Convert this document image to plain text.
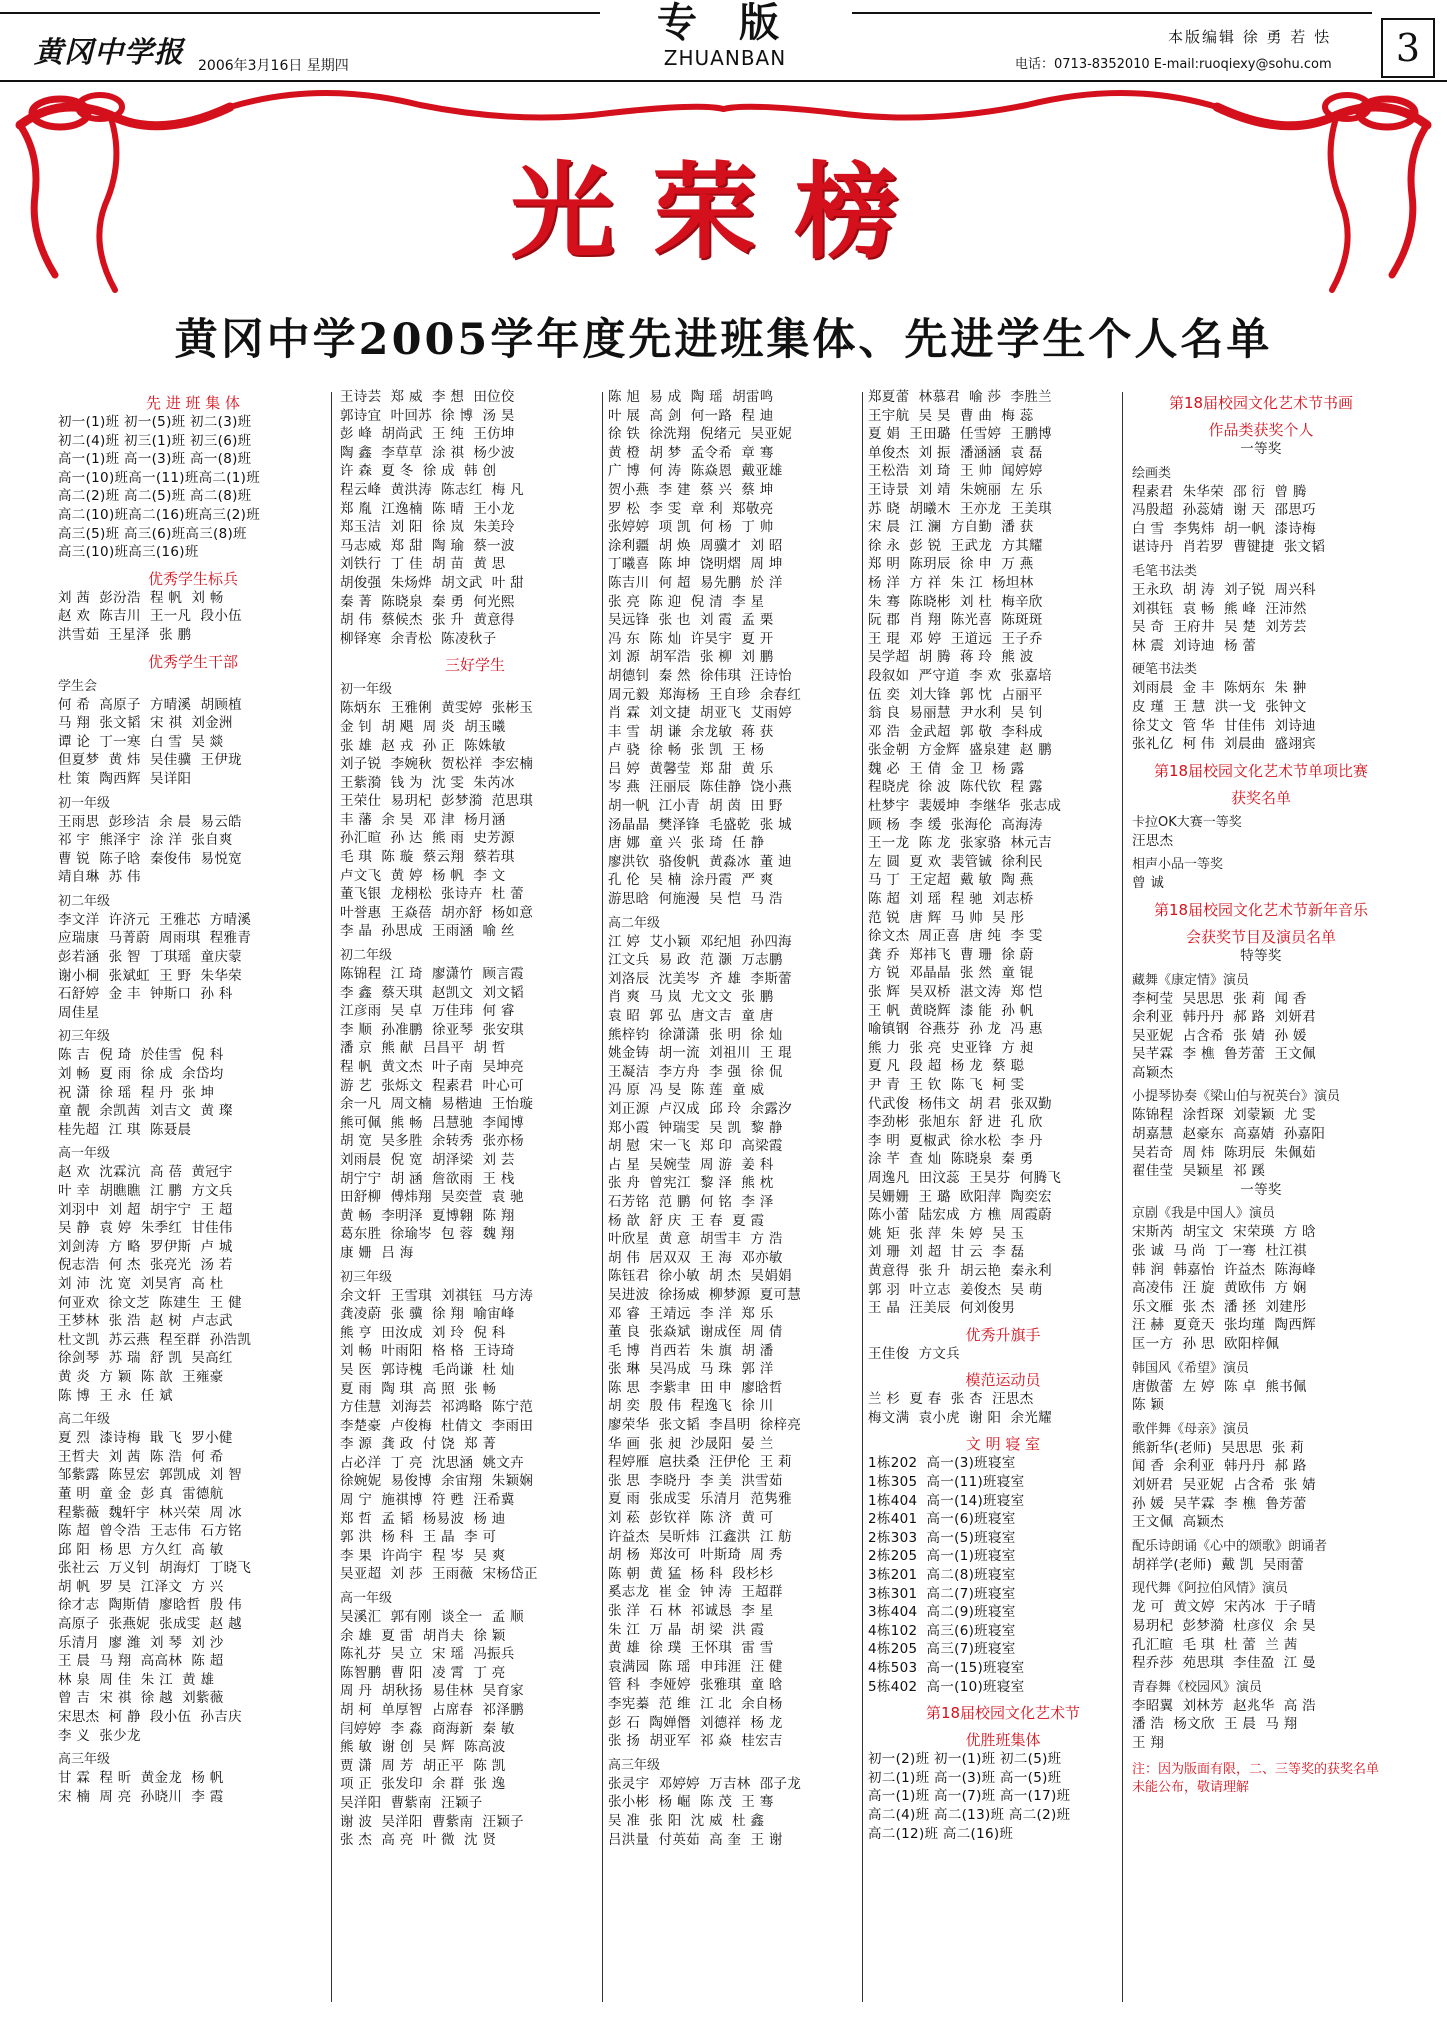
黄冈中学报 2006年3月16日 星期四
专 版
ZHUANBAN
本版编辑 徐 勇 若 怯
电话：0713-8352010 E-mail:ruoqiexy@sohu.com	3
光荣榜
黄冈中学2005学年度先进班集体、先进学生个人名单
先 进 班 集 体
初一(1)班 初一(5)班 初二(3)班
初二(4)班 初三(1)班 初三(6)班
高一(1)班 高一(3)班 高一(8)班
高一(10)班高一(11)班高二(1)班
高二(2)班 高二(5)班 高二(8)班
高二(10)班高二(16)班高三(2)班
高三(5)班 高三(6)班高三(8)班
高三(10)班高三(16)班
优秀学生标兵
刘 茜  彭汾浩  程 帆  刘 畅
赵 欢  陈吉川  王一凡  段小伍
洪雪茹  王星泽  张 鹏
优秀学生干部
学生会
何 希  高原子  方晴溪  胡顾植
马 翔  张文韬  宋 祺  刘金洲
谭 论  丁一寒  白 雪  吴 燚
但夏梦  黄 炜  吴佳骥  王伊珑
杜 策  陶西辉  吴详阳
初一年级
王雨思  彭珍洁  余 晨  易云皓
祁 宇  熊泽宇  涂 洋  张自爽
曹 锐  陈子晗  秦俊伟  易悦宽
靖自琳  苏 伟
初二年级
李文洋  许济元  王雅芯  方晴溪
应瑞康  马菁蔚  周雨琪  程雅青
彭若涵  张 智  丁琪瑶  童庆蒙
谢小桐  张斌虹  王 野  朱华荣
石舒婷  金 丰  钟斯口  孙 科
周佳星
初三年级
陈 吉  倪 琦  於佳雪  倪 科
刘 畅  夏 雨  徐 成  余岱均
祝 潇  徐 瑶  程 丹  张 坤
童 靓  余凯茜  刘吉文  黄 璨
桂先超  江 琪  陈聂晨
高一年级
赵 欢  沈霖沆  高 蓓  黄冠宇
叶 幸  胡瞧瞧  江 鹏  方文兵
刘羽中  刘 超  胡宇宁  王 超
吴 静  袁 婷  朱季红  甘佳伟
刘剑涛  方 略  罗伊斯  卢 城
倪志浩  何 杰  张亮光  汤 若
刘 沛  沈 宽  刘昊宵  高 杜
何亚欢  徐文芝  陈建生  王 健
王梦林  张 浩  赵 树  卢志武
杜文凯  苏云燕  程至群  孙浩凯
徐剑琴  苏 瑞  舒 凯  吴高红
黄 炎  方 颖  陈 歆  王雍豪
陈 博  王 永  任 斌
高二年级
夏 烈  漆诗梅  戢 飞  罗小健
王哲夫  刘 茜  陈 浩  何 希
邹紫露  陈昱宏  郭凯成  刘 智
董 明  童 金  彭 真  雷德航
程紫薇  魏轩宇  林兴荣  周 冰
陈 超  曾令浩  王志伟  石方铭
邱 阳  杨 思  方久红  高 敏
张社云  万义钊  胡海灯  丁晓飞
胡 帆  罗 昊  江泽文  方 兴
徐才志  陶斯倩  廖晗哲  殷 伟
高原子  张燕妮  张成雯  赵 越
乐清月  廖 潍  刘 琴  刘 沙
王 晨  马 翔  高高林  陈 超
林 泉  周 佳  朱 江  黄 雄
曾 吉  宋 祺  徐 越  刘紫薇
宋思杰  柯 静  段小伍  孙吉庆
李 义  张少龙
高三年级
甘 霖  程 昕  黄金龙  杨 帆
宋 楠  周 亮  孙晓川  李 霞
王诗芸  郑 威  李 想  田位佼
郭诗宜  叶回苏  徐 博  汤 昊
彭 峰  胡尚武  王 纯  王仿坤
陶 鑫  李草草  涂 祺  杨少波
许 森  夏 冬  徐 成  韩 创
程云峰  黄洪涛  陈志红  梅 凡
郑 胤  江逸楠  陈 晴  王小龙
郑玉洁  刘 阳  徐 岚  朱美玲
马志威  郑 甜  陶 瑜  蔡一波
刘铁行  丁 佳  胡 苗  黄 思
胡俊强  朱炀烨  胡文武  叶 甜
秦 菁  陈晓泉  秦 勇  何光熙
胡 伟  蔡候杰  张 升  黄意得
柳铎寒  余青松  陈凌秋子
三好学生
初一年级
陈炳东  王雅俐  黄雯婷  张彬玉
金 钊  胡 飓  周 炎  胡玉曦
张 雄  赵 戎  孙 正  陈姝敏
刘子锐  李婉秋  贺松祥  李宏楠
王紫漪  钱 为  沈 雯  朱芮冰
王荣仕  易玥杞  彭梦漪  范思琪
丰 藩  余 昊  邓 津  杨月涵
孙汇暄  孙 达  熊 雨  史芳源
毛 琪  陈 璇  蔡云翔  蔡若琪
卢文飞  黄 婷  杨 帆  李 文
董飞银  龙栩松  张诗卉  杜 蕾
叶誉惠  王焱蓓  胡亦舒  杨如意
李 晶  孙思成  王雨涵  喻 丝
初二年级
陈锦程  江 琦  廖潇竹  顾言霞
李 鑫  蔡天琪  赵凯文  刘文韬
江彦雨  吴 卓  万佳玮  何 睿
李 顺  孙准鹏  徐亚琴  张安琪
潘 京  熊 献  吕昌平  胡 哲
程 帆  黄文杰  叶子南  吴坤亮
游 艺  张烁文  程素君  叶心可
余一凡  周文楠  易楷迪  王怡璇
熊可佩  熊 畅  吕慧驰  李闻博
胡 宽  吴多胜  余转秀  张亦杨
刘雨晨  倪 宽  胡泽梁  刘 芸
胡宁宁  胡 涵  詹欲雨  王 栈
田舒柳  傅炜翔  吴奕萱  袁 驰
黄 畅  李明泽  夏博翱  陈 翔
葛东胜  徐瑜岑  包 蓉  魏 翔
康 姗  吕 海
初三年级
余文轩  王雪琪  刘祺钰  马方涛
龚凌蔚  张 骥  徐 翔  喻宙峰
熊 亨  田汝成  刘 玲  倪 科
刘 畅  叶雨阳  格 格  王诗琦
吴 医  郭诗槐  毛尚谦  杜 灿
夏 雨  陶 琪  高 照  张 畅
方佳慧  刘海芸  祁鸿略  陈宁范
李楚豪  卢俊梅  杜倩文  李雨田
李 源  龚 政  付 饶  郑 菁
占必洋  丁 亮  沈思涵  姚文卉
徐婉妮  易俊博  余宙翔  朱颖娴
周 宁  施祺博  符 甦  汪希冀
郑 哲  孟 韬  杨易波  杨 迪
郭 洪  杨 科  王 晶  李 可
李 果  许尚宇  程 岑  吴 爽
吴亚超  刘 莎  王雨薇  宋杨岱正
高一年级
吴溪汇  郭有刚  谈全一  孟 顺
余 雄  夏 雷  胡肖夫  徐 颖
陈礼芬  吴 立  宋 瑶  冯振兵
陈智鹏  曹 阳  凌 霄  丁 亮
周 丹  胡秋扬  易佳林  吴育家
胡 柯  单厚智  占席春  祁泽鹏
闫婷婷  李 淼  商海新  秦 敏
熊 敏  谢 创  吴 辉  陈高波
贾 潇  周 芳  胡正平  陈 凯
项 正  张发印  余 群  张 逸
吴洋阳  曹紫南  汪颖子
谢 波  吴洋阳  曹紫南  汪颖子
张 杰  高 亮  叶 微  沈 贤
陈 旭  易 成  陶 瑶  胡雷鸣
叶 展  高 剑  何一路  程 迪
徐 铁  徐洗翔  倪绪元  吴亚妮
黄 橙  胡 梦  孟令希  章 骞
广 博  何 涛  陈焱恩  戴亚雄
贺小燕  李 建  蔡 兴  蔡 坤
罗 松  李 雯  章 利  郑敬亮
张婷婷  项 凯  何 杨  丁 帅
涂利疆  胡 焕  周骥才  刘 昭
丁曦喜  陈 坤  饶明熠  周 坤
陈吉川  何 超  易先鹏  於 洋
张 亮  陈 迎  倪 清  李 星
吴远锋  张 也  刘 霞  孟 栗
冯 东  陈 灿  许昊宇  夏 开
刘 源  胡军浩  张 柳  刘 鹏
胡德钊  秦 然  徐伟琪  汪诗怡
周元毅  郑海杨  王自珍  余春红
肖 霖  刘文捷  胡亚飞  艾雨婷
丰 雪  胡 谦  余龙敏  蒋 获
卢 骁  徐 畅  张 凯  王 杨
吕 婷  黄馨莹  郑 甜  黄 乐
岑 燕  汪丽辰  陈佳静  饶小燕
胡一帆  江小青  胡 茵  田 野
汤晶晶  樊泽锋  毛盛乾  张 城
唐 娜  童 兴  张 琦  任 静
廖洪钦  骆俊帆  黄淼冰  董 迪
孔 伦  吴 楠  涂丹霞  严 爽
游思晗  何施漫  吴 恺  马 浩
高二年级
江 婷  艾小颖  邓纪旭  孙四海
江文兵  易 政  范 灏  万志鹏
刘洛辰  沈美岑  齐 雄  李斯蕾
肖 爽  马 岚  尤文文  张 鹏
袁 昭  郭 弘  唐文吉  童 唐
熊梓钧  徐潇潇  张 明  徐 灿
姚金铸  胡一流  刘祖川  王 琨
王凝洁  李方舟  李 强  徐 侃
冯 原  冯 旻  陈 莲  童 威
刘正源  卢汉成  邱 玲  余露汐
郑小霞  钟瑞雯  吴 凯  黎 静
胡 慰  宋一飞  郑 印  高梁霞
占 星  吴婉莹  周 游  姜 科
张 舟  曾宪江  黎 泽  熊 枕
石芳铭  范 鹏  何 铭  李 泽
杨 歆  舒 庆  王 春  夏 霞
叶欣星  黄 意  胡雪丰  方 浩
胡 伟  居双双  王 海  邓亦敏
陈钰君  徐小敏  胡 杰  吴娟娟
吴进波  徐扬威  柳梦源  夏可慧
邓 睿  王靖远  李 洋  郑 乐
董 良  张焱斌  谢成侄  周 倩
毛 博  肖西若  朱 旗  胡 潘
张 琳  吴冯成  马 珠  郭 洋
陈 思  李紫聿  田 申  廖晗哲
胡 奕  殷 伟  程逸飞  徐 川
廖荣华  张文韬  李昌明  徐梓亮
华 画  张 昶  沙晟阳  晏 兰
程婷雁  扈扶桑  汪伊伦  王 莉
张 思  李晓丹  李 美  洪雪茹
夏 雨  张成雯  乐清月  范隽雅
刘 菘  彭钦祥  陈 济  黄 可
许益杰  吴昕炜  江鑫洪  江 舫
胡 杨  郑汝可  叶斯琦  周 秀
陈 朝  黄 猛  杨 科  段杉杉
奚志龙  崔 金  钟 涛  王超群
张 洋  石 林  祁诚恳  李 星
朱 江  万 晶  胡 梁  洪 霞
黄 雄  徐 璞  王怀琪  雷 雪
袁满园  陈 瑶  申玮涯  汪 健
管 科  李娅婷  张雅琪  童 晗
李宪蓁  范 维  江 北  余自杨
彭 石  陶婵僭  刘德祥  杨 龙
张 扬  胡亚军  祁 焱  桂宏吉
高三年级
张灵宇  邓婷婷  万吉林  邵子龙
张小彬  杨 崛  陈 茂  王 骞
吴 准  张 阳  沈 威  杜 鑫
吕洪量  付英茹  高 奎  王 谢
郑夏蕾  林慕君  喻 莎  李胜兰
王宇航  吴 昊  曹 曲  梅 蕊
夏 娟  王田璐  任雪婷  王鹏博
单俊杰  刘 振  潘涵涵  袁 磊
王松浩  刘 琦  王 帅  闻婷婷
王诗景  刘 靖  朱婉丽  左 乐
苏 晓  胡曦木  王亦龙  王美琪
宋 晨  江 澜  方自勤  潘 获
徐 永  彭 锐  王武龙  方其耀
郑 明  陈玥辰  徐 申  万 燕
杨 洋  方 祥  朱 江  杨坦林
朱 骞  陈晓彬  刘 杜  梅辛欣
阮 郡  肖 翔  陈光喜  陈斑斑
王 琨  邓 婷  王道远  王子乔
吴学超  胡 腾  蒋 玲  熊 波
段叙如  严守道  李 欢  张嘉培
伍 奕  刘大锋  郭 忱  占丽平
翁 良  易丽慧  尹水利  吴 钊
邓 浩  金武超  郭 敬  李科成
张金朝  方金辉  盛泉建  赵 鹏
魏 必  王 倩  金 卫  杨 露
程晓虎  徐 波  陈代钦  程 露
杜梦宇  裴媛坤  李继华  张志成
顾 杨  李 缓  张海伦  高海涛
王一龙  陈 龙  张家骆  林元吉
左 圆  夏 欢  裴管铖  徐利民
马 丁  王定超  戴 敏  陶 燕
陈 超  刘 瑶  程 驰  刘志桥
范 锐  唐 辉  马 帅  吴 彤
徐文杰  周正喜  唐 纯  李 雯
龚 乔  郑祎飞  曹 珊  徐 蔚
方 锐  邓晶晶  张 然  童 锟
张 辉  吴双桥  湛文涛  郑 恺
王 帆  黄晓辉  漆 能  孙 帆
喻镇钢  谷燕芬  孙 龙  冯 惠
熊 力  张 亮  史亚锋  方 昶
夏 凡  段 超  杨 龙  蔡 聪
尹 青  王 钦  陈 飞  柯 雯
代武俊  杨伟文  胡 君  张双勤
李劲彬  张旭东  舒 进  孔 欣
李 明  夏椒武  徐水松  李 丹
涂 芊  查 灿  陈晓泉  秦 勇
周逸凡  田汶蕊  王昊芬  何腾飞
吴姗姗  王 璐  欧阳萍  陶奕宏
陈小蕾  陆宏成  方 樵  周霞蔚
姚 矩  张 萍  朱 婷  吴 玉
刘 珊  刘 超  甘 云  李 磊
黄意得  张 升  胡云艳  秦永利
郭 羽  叶立志  姜俊杰  吴 萌
王 晶  汪美辰  何刘俊男
优秀升旗手
王佳俊  方文兵
模范运动员
兰 杉  夏 春  张 杏  汪思杰
梅文满  袁小虎  谢 阳  余光耀
文 明 寝 室
1栋202  高一(3)班寝室
1栋305  高一(11)班寝室
1栋404  高一(14)班寝室
2栋401  高一(6)班寝室
2栋303  高一(5)班寝室
2栋205  高一(1)班寝室
3栋201  高二(8)班寝室
3栋301  高二(7)班寝室
3栋404  高二(9)班寝室
4栋102  高三(6)班寝室
4栋205  高三(7)班寝室
4栋503  高一(15)班寝室
5栋402  高一(10)班寝室
第18届校园文化艺术节
优胜班集体
初一(2)班 初一(1)班 初二(5)班
初二(1)班 高一(3)班 高一(5)班
高一(1)班 高一(7)班 高一(17)班
高二(4)班 高二(13)班 高二(2)班
高二(12)班 高二(16)班
第18届校园文化艺术节书画
作品类获奖个人
一等奖
绘画类
程素君  朱华荣  邵 衍  曾 腾
冯殷超  孙蕊婧  谢 天  邵思巧
白 雪  李隽炜  胡一帆  漆诗梅
谌诗丹  肖若罗  曹键捷  张文韬
毛笔书法类
王永玖  胡 涛  刘子锐  周兴科
刘祺钰  袁 畅  熊 峰  汪沛然
吴 奇  王府井  吴 楚  刘芳芸
林 震  刘诗迪  杨 蕾
硬笔书法类
刘雨晨  金 丰  陈炳东  朱 翀
皮 瑾  王 慧  洪一戈  张钟文
徐艾文  管 华  甘佳伟  刘诗迪
张礼亿  柯 伟  刘晨曲  盛翊宾
第18届校园文化艺术节单项比赛
获奖名单
卡拉OK大赛一等奖
汪思杰
相声小品一等奖
曾 诚
第18届校园文化艺术节新年音乐
会获奖节目及演员名单
特等奖
藏舞《康定情》演员
李柯莹  吴思思  张 莉  闻 香
余利亚  韩丹丹  郝 路  刘妍君
吴亚妮  占含希  张 婧  孙 媛
吴芊霖  李 樵  鲁芳蕾  王文佩
高颖杰
小提琴协奏《梁山伯与祝英台》演员
陈锦程  涂哲琛  刘蒙颖  尤 雯
胡嘉慧  赵豪东  高嘉婧  孙嘉阳
吴若奇  周 炜  陈玥辰  朱佩茹
翟佳莹  吴颖星  祁 蹊
一等奖
京剧《我是中国人》演员
宋斯芮  胡宝文  宋荣瑛  方 晗
张 诚  马 尚  丁一骞  杜江祺
韩 润  韩嘉怡  许益杰  陈海峰
高凌伟  汪 旋  黄欧伟  方 娴
乐文雁  张 杰  潘 拯  刘建彤
汪 赫  夏竟天  张均瑾  陶西辉
匡一方  孙 思  欧阳梓佩
韩国风《希望》演员
唐傲蕾  左 婷  陈 卓  熊书佩
陈 颖
歌伴舞《母亲》演员
熊新华(老师)  吴思思  张 莉
闻 香  余利亚  韩丹丹  郝 路
刘妍君  吴亚妮  占含希  张 婧
孙 媛  吴芊霖  李 樵  鲁芳蕾
王文佩  高颖杰
配乐诗朗诵《心中的颂歌》朗诵者
胡祥学(老师)  戴 凯  吴雨蕾
现代舞《阿拉伯风情》演员
龙 可  黄文婷  宋芮冰  于子晴
易玥杞  彭梦漪  杜彦仪  余 昊
孔汇暄  毛 琪  杜 蕾  兰 茜
程乔莎  苑思琪  李佳盈  江 曼
青春舞《校园风》演员
李昭翼  刘林芳  赵兆华  高 浩
潘 浩  杨文欣  王 晨  马 翔
王 翔
注：因为版面有限，二、三等奖的获奖名单未能公布，敬请理解
